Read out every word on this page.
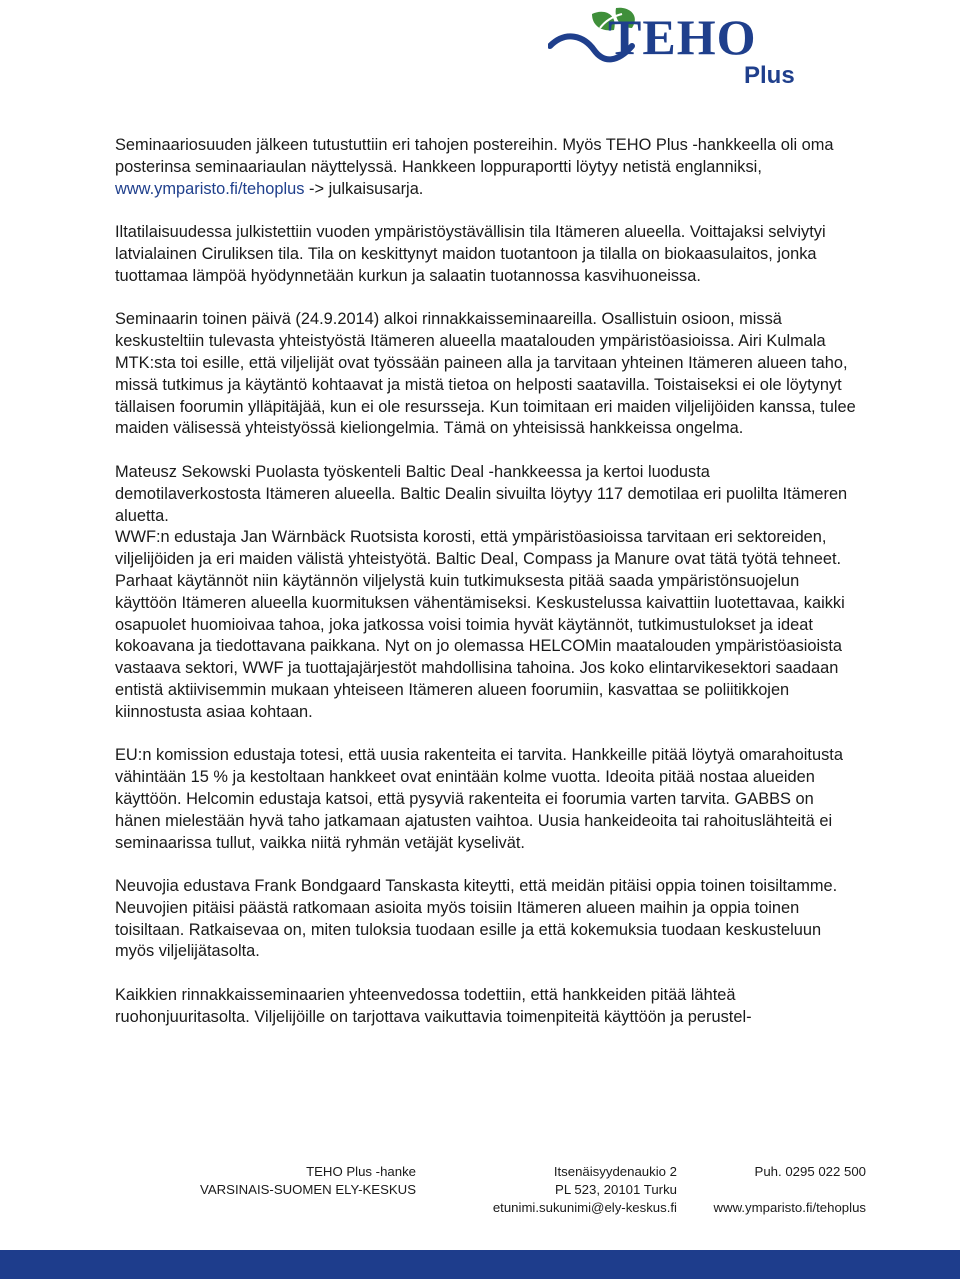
TEHO
Plus

Seminaariosuuden jälkeen tutustuttiin eri tahojen postereihin. Myös TEHO Plus -hankkeella oli oma posterinsa seminaariaulan näyttelyssä. Hankkeen loppuraportti löytyy netistä englanniksi, www.ymparisto.fi/tehoplus -> julkaisusarja.

Iltatilaisuudessa julkistettiin vuoden ympäristöystävällisin tila Itämeren alueella. Voittajaksi selviytyi latvialainen Ciruliksen tila. Tila on keskittynyt maidon tuotantoon ja tilalla on biokaasulaitos, jonka tuottamaa lämpöä hyödynnetään kurkun ja salaatin tuotannossa kasvihuoneissa.

Seminaarin toinen päivä (24.9.2014) alkoi rinnakkaisseminaareilla. Osallistuin osioon, missä keskusteltiin tulevasta yhteistyöstä Itämeren alueella maatalouden ympäristöasioissa. Airi Kulmala MTK:sta toi esille, että viljelijät ovat työssään paineen alla ja tarvitaan yhteinen Itämeren alueen taho, missä tutkimus ja käytäntö kohtaavat ja mistä tietoa on helposti saatavilla. Toistaiseksi ei ole löytynyt tällaisen foorumin ylläpitäjää, kun ei ole resursseja. Kun toimitaan eri maiden viljelijöiden kanssa, tulee maiden välisessä yhteistyössä kieliongelmia. Tämä on yhteisissä hankkeissa ongelma.

Mateusz Sekowski Puolasta työskenteli Baltic Deal -hankkeessa ja kertoi luodusta demotilaverkostosta Itämeren alueella. Baltic Dealin sivuilta löytyy 117 demotilaa eri puolilta Itämeren aluetta.

WWF:n edustaja Jan Wärnbäck Ruotsista korosti, että ympäristöasioissa tarvitaan eri sektoreiden, viljelijöiden ja eri maiden välistä yhteistyötä. Baltic Deal, Compass ja Manure ovat tätä työtä tehneet. Parhaat käytännöt niin käytännön viljelystä kuin tutkimuksesta pitää saada ympäristönsuojelun käyttöön Itämeren alueella kuormituksen vähentämiseksi. Keskustelussa kaivattiin luotettavaa, kaikki osapuolet huomioivaa tahoa, joka jatkossa voisi toimia hyvät käytännöt, tutkimustulokset ja ideat kokoavana ja tiedottavana paikkana. Nyt on jo olemassa HELCOMin maatalouden ympäristöasioista vastaava sektori, WWF ja tuottajajärjestöt mahdollisina tahoina. Jos koko elintarvikesektori saadaan entistä aktiivisemmin mukaan yhteiseen Itämeren alueen foorumiin, kasvattaa se poliitikkojen kiinnostusta asiaa kohtaan.

EU:n komission edustaja totesi, että uusia rakenteita ei tarvita. Hankkeille pitää löytyä omarahoitusta vähintään 15 % ja kestoltaan hankkeet ovat enintään kolme vuotta. Ideoita pitää nostaa alueiden käyttöön. Helcomin edustaja katsoi, että pysyviä rakenteita ei foorumia varten tarvita. GABBS on hänen mielestään hyvä taho jatkamaan ajatusten vaihtoa. Uusia hankeideoita tai rahoituslähteitä ei seminaarissa tullut, vaikka niitä ryhmän vetäjät kyselivät.

Neuvojia edustava Frank Bondgaard Tanskasta kiteytti, että meidän pitäisi oppia toinen toisiltamme. Neuvojien pitäisi päästä ratkomaan asioita myös toisiin Itämeren alueen maihin ja oppia toinen toisiltaan. Ratkaisevaa on, miten tuloksia tuodaan esille ja että kokemuksia tuodaan keskusteluun myös viljelijätasolta.

Kaikkien rinnakkaisseminaarien yhteenvedossa todettiin, että hankkeiden pitää lähteä ruohonjuuritasolta. Viljelijöille on tarjottava vaikuttavia toimenpiteitä käyttöön ja perustel-

TEHO Plus -hanke
VARSINAIS-SUOMEN ELY-KESKUS
Itsenäisyydenaukio 2
PL 523, 20101 Turku
etunimi.sukunimi@ely-keskus.fi
Puh. 0295 022 500

www.ymparisto.fi/tehoplus
